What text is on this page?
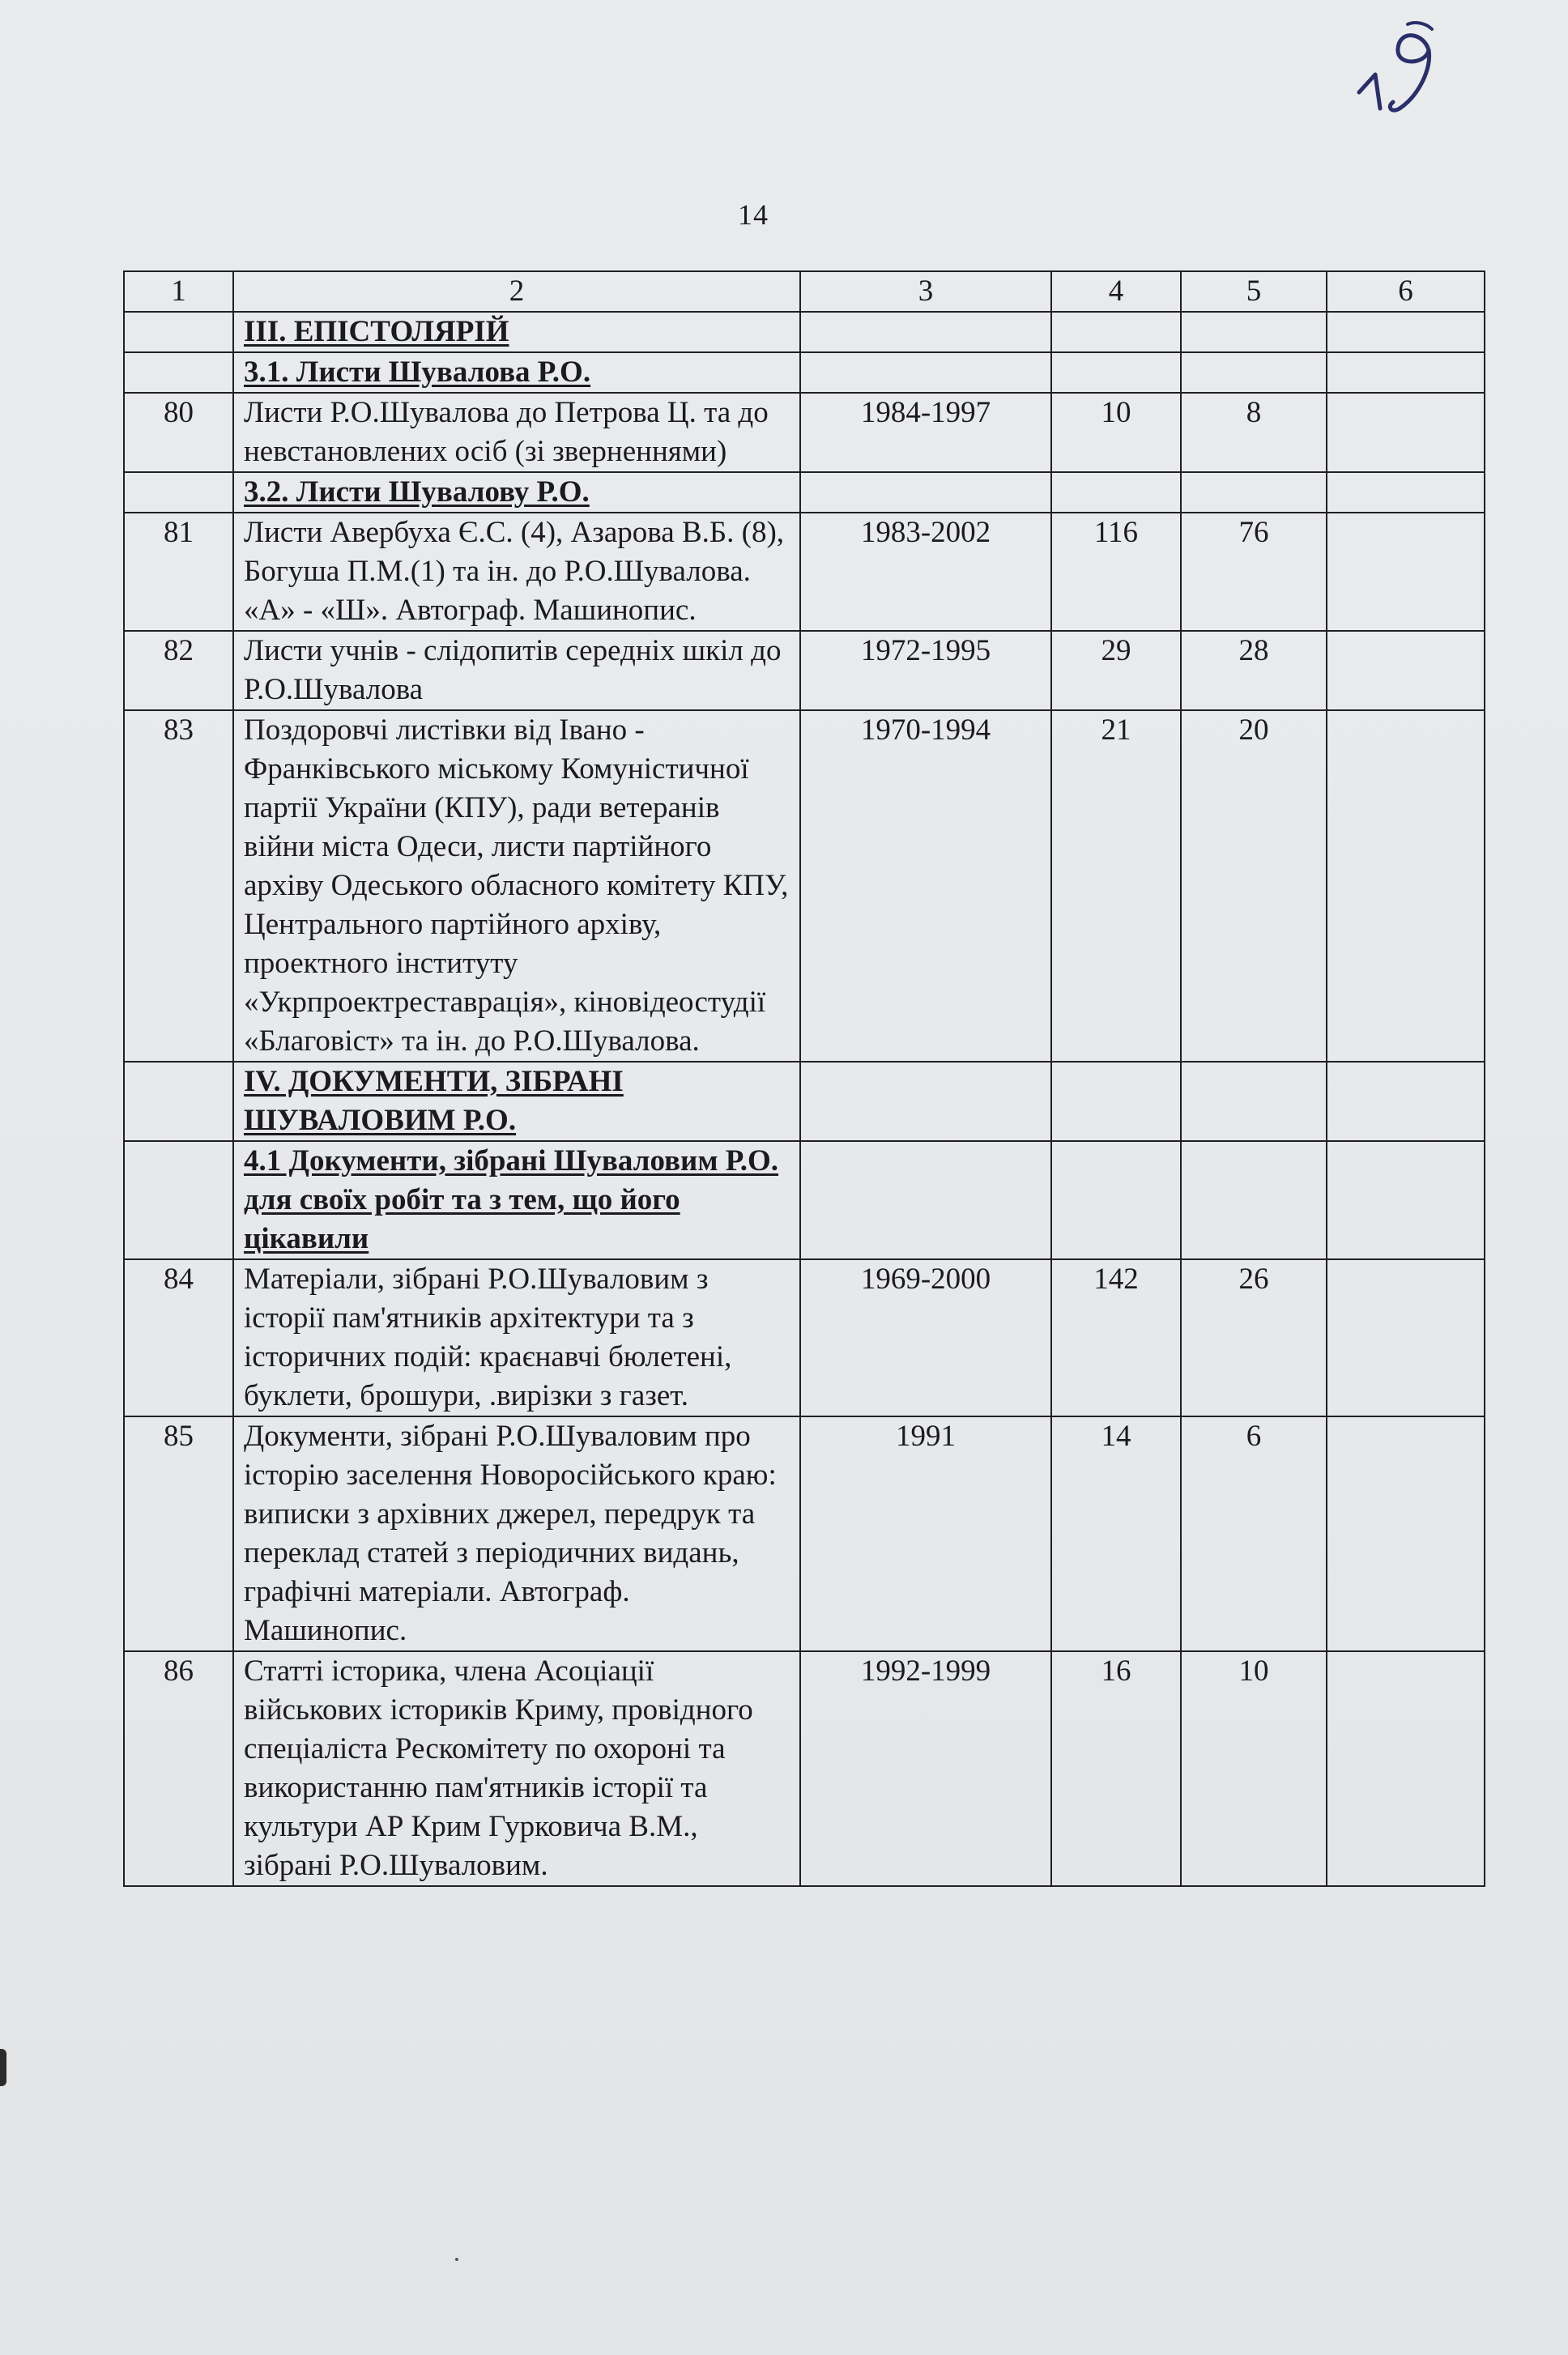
14
1	2	3	4	5	6
	ІІІ. ЕПІСТОЛЯРІЙ				
	3.1. Листи Шувалова Р.О.				
80	Листи Р.О.Шувалова до Петрова Ц. та до невстановлених осіб (зі зверненнями)	1984-1997	10	8	
	3.2. Листи Шувалову Р.О.				
81	Листи Авербуха Є.С. (4), Азарова В.Б. (8), Богуша П.М.(1) та ін. до Р.О.Шувалова. «А» - «Ш». Автограф. Машинопис.	1983-2002	116	76	
82	Листи учнів - слідопитів середніх шкіл до Р.О.Шувалова	1972-1995	29	28	
83	Поздоровчі листівки від Івано - Франківського міському Комуністичної партії України (КПУ), ради ветеранів війни міста Одеси, листи партійного архіву Одеського обласного комітету КПУ, Центрального партійного архіву, проектного інституту «Укрпроектреставрація», кіновідеостудії «Благовіст» та ін. до Р.О.Шувалова.	1970-1994	21	20	
	IV. ДОКУМЕНТИ, ЗІБРАНІ ШУВАЛОВИМ Р.О.				
	4.1 Документи, зібрані Шуваловим Р.О. для своїх робіт та з тем, що його цікавили				
84	Матеріали, зібрані Р.О.Шуваловим з історії пам'ятників архітектури та з історичних подій: краєнавчі бюлетені, буклети, брошури, .вирізки з газет.	1969-2000	142	26	
85	Документи, зібрані Р.О.Шуваловим про історію заселення Новоросійського краю: виписки з архівних джерел, передрук та переклад статей з періодичних видань, графічні матеріали. Автограф. Машинопис.	1991	14	6	
86	Статті історика, члена Асоціації військових істориків Криму, провідного спеціаліста Рескомітету по охороні та використанню пам'ятників історії та культури АР Крим Гурковича В.М., зібрані Р.О.Шуваловим.	1992-1999	16	10	
